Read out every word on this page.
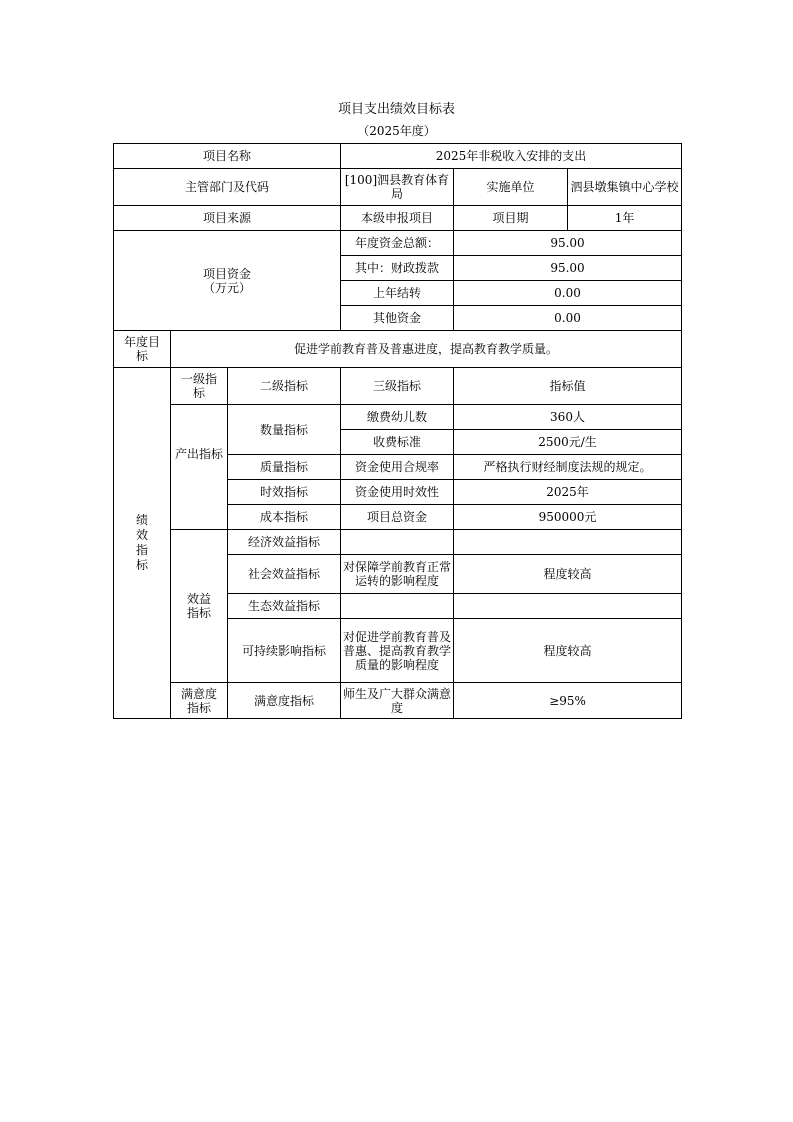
项目支出绩效目标表
（2025年度）
项目名称			2025年非税收入安排的支出		
主管部门及代码			[100]泗县教育体育局	实施单位	泗县墩集镇中心学校
项目来源			本级申报项目	项目期	1年

项目资金
（万元）			年度资金总额：	95.00	
			其中：财政拨款	95.00	
			上年结转	0.00	
			其他资金	0.00	
年度目标	促进学前教育普及普惠进度，提高教育教学质量。				
绩效指标	一级指标	二级指标	三级指标	指标值	

	产出指标	数量指标	缴费幼儿数	360人	
			收费标准	2500元/生	
		质量指标	资金使用合规率	严格执行财经制度法规的规定。	
		时效指标	资金使用时效性	2025年	
		成本指标	项目总资金	950000元	

	效益指标	经济效益指标			
		社会效益指标	对保障学前教育正常运转的影响程度	程度较高	
		生态效益指标			
		可持续影响指标	对促进学前教育普及普惠、提高教育教学质量的影响程度	程度较高	
	满意度指标	满意度指标	师生及广大群众满意度	≥95%	
